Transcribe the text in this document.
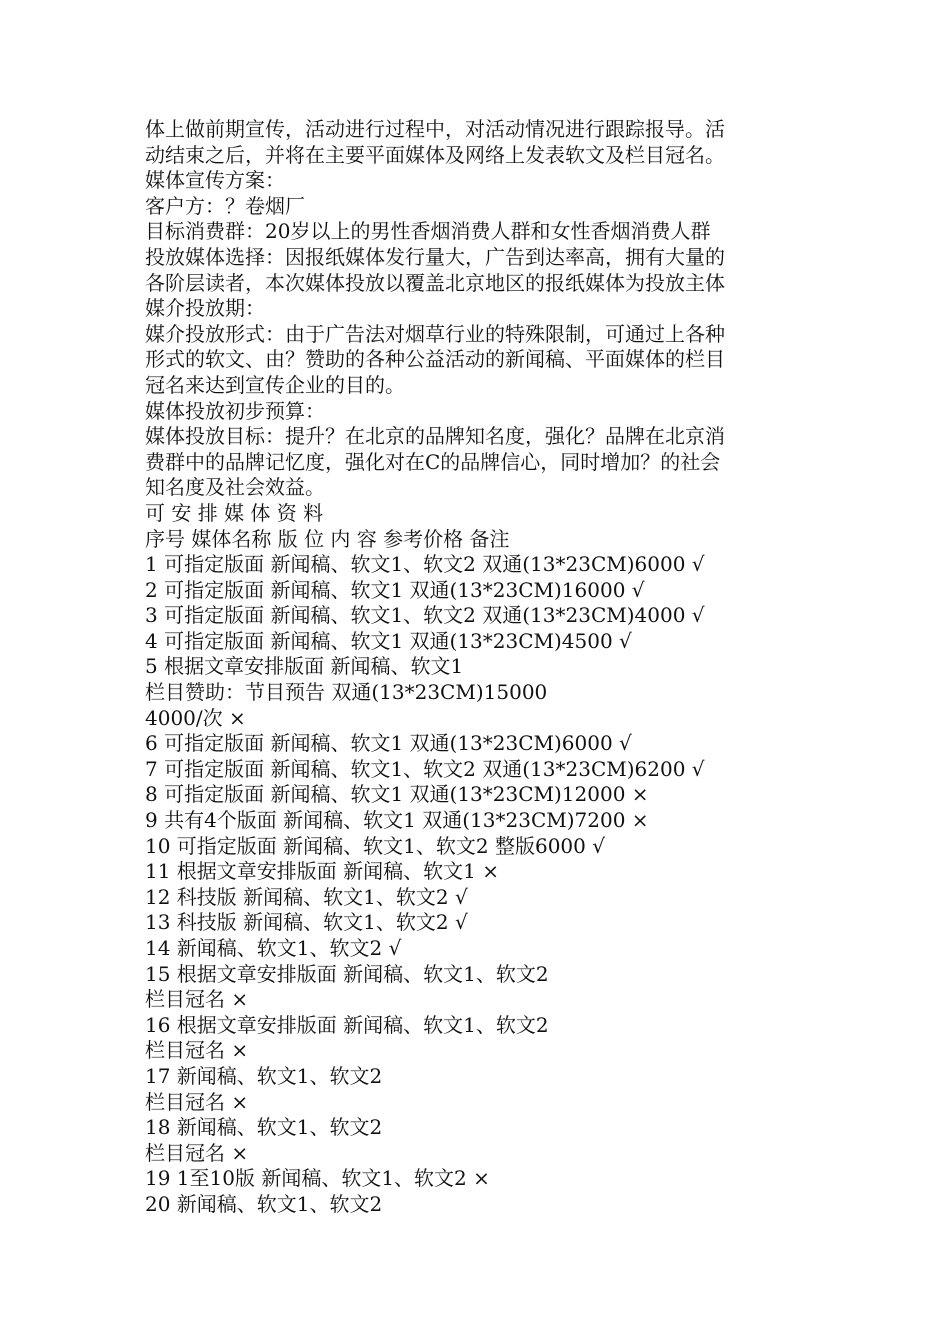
体上做前期宣传，活动进行过程中，对活动情况进行跟踪报导。活
动结束之后，并将在主要平面媒体及网络上发表软文及栏目冠名。
媒体宣传方案：
客户方：？卷烟厂
目标消费群：20岁以上的男性香烟消费人群和女性香烟消费人群
投放媒体选择：因报纸媒体发行量大，广告到达率高，拥有大量的
各阶层读者，本次媒体投放以覆盖北京地区的报纸媒体为投放主体
媒介投放期：
媒介投放形式：由于广告法对烟草行业的特殊限制，可通过上各种
形式的软文、由？赞助的各种公益活动的新闻稿、平面媒体的栏目
冠名来达到宣传企业的目的。
媒体投放初步预算：
媒体投放目标：提升？在北京的品牌知名度，强化？品牌在北京消
费群中的品牌记忆度，强化对在C的品牌信心，同时增加？的社会
知名度及社会效益。
可 安 排 媒 体 资 料
序号 媒体名称 版 位 内 容 参考价格 备注
1 可指定版面 新闻稿、软文1、软文2 双通(13*23CM)6000 √
2 可指定版面 新闻稿、软文1 双通(13*23CM)16000 √
3 可指定版面 新闻稿、软文1、软文2 双通(13*23CM)4000 √
4 可指定版面 新闻稿、软文1 双通(13*23CM)4500 √
5 根据文章安排版面 新闻稿、软文1
栏目赞助：节目预告 双通(13*23CM)15000
4000/次 ×
6 可指定版面 新闻稿、软文1 双通(13*23CM)6000 √
7 可指定版面 新闻稿、软文1、软文2 双通(13*23CM)6200 √
8 可指定版面 新闻稿、软文1 双通(13*23CM)12000 ×
9 共有4个版面 新闻稿、软文1 双通(13*23CM)7200 ×
10 可指定版面 新闻稿、软文1、软文2 整版6000 √
11 根据文章安排版面 新闻稿、软文1 ×
12 科技版 新闻稿、软文1、软文2 √
13 科技版 新闻稿、软文1、软文2 √
14 新闻稿、软文1、软文2 √
15 根据文章安排版面 新闻稿、软文1、软文2
栏目冠名 ×
16 根据文章安排版面 新闻稿、软文1、软文2
栏目冠名 ×
17 新闻稿、软文1、软文2
栏目冠名 ×
18 新闻稿、软文1、软文2
栏目冠名 ×
19 1至10版 新闻稿、软文1、软文2 ×
20 新闻稿、软文1、软文2
